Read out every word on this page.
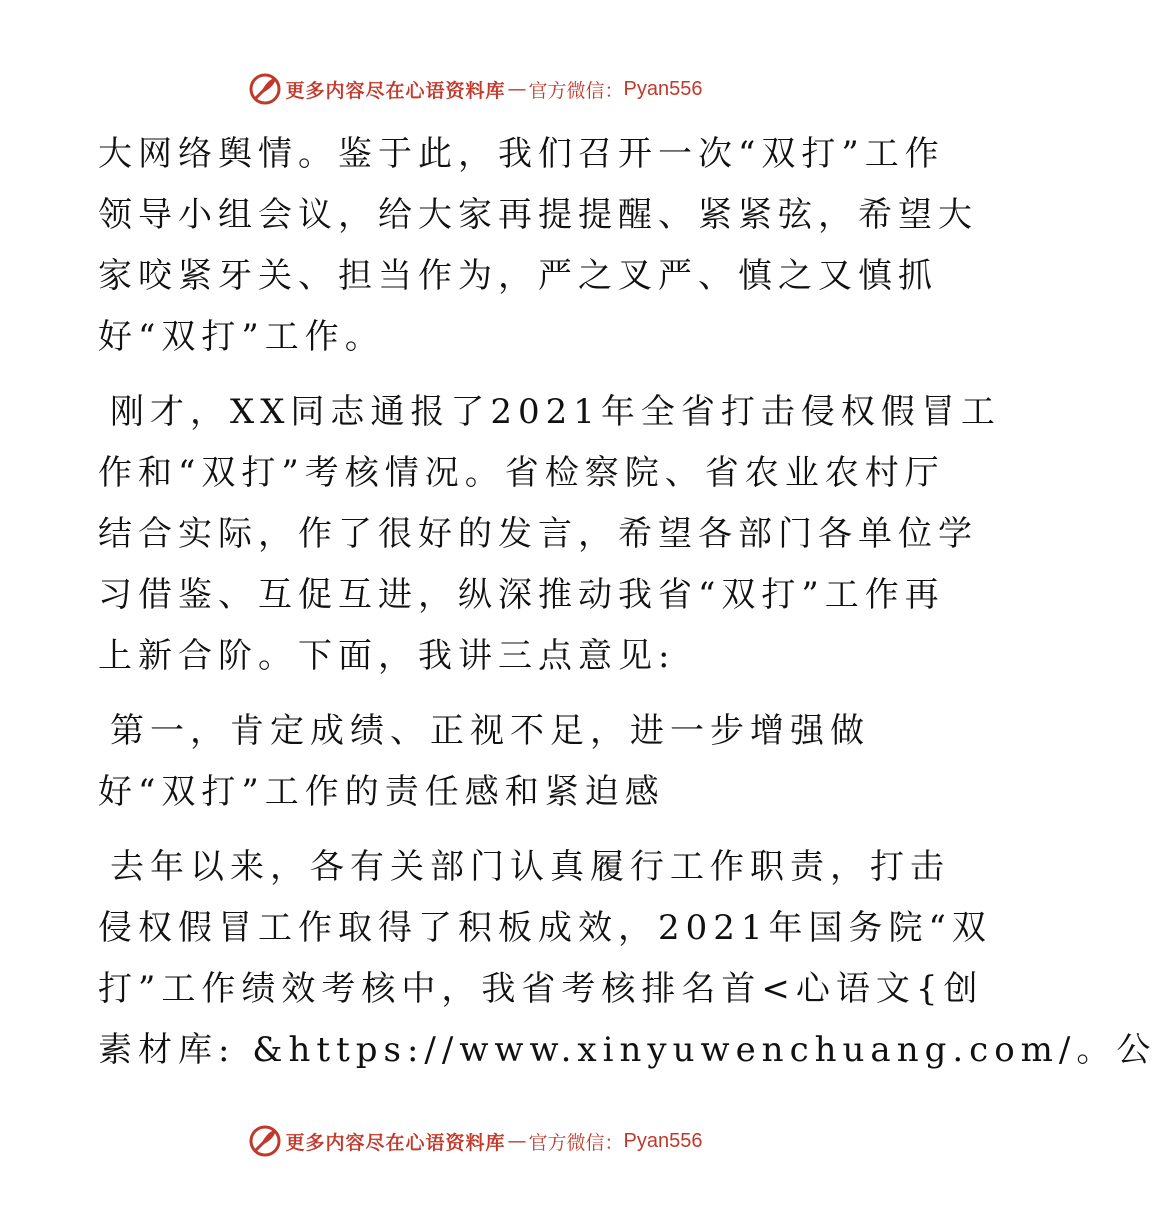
更多内容尽在心语资料库 — 官方微信： Pyan556
大网络舆情。鉴于此，我们召开一次“双打”工作
领导小组会议，给大家再提提醒、紧紧弦，希望大
家咬紧牙关、担当作为，严之叉严、慎之又慎抓
好“双打”工作。
刚才，XX同志通报了2021年全省打击侵权假冒工
作和“双打”考核情况。省检察院、省农业农村厅
结合实际，作了很好的发言，希望各部门各单位学
习借鉴、互促互进，纵深推动我省“双打”工作再
上新合阶。下面，我讲三点意见:
第一，肯定成绩、正视不足，进一步增强做
好“双打”工作的责任感和紧迫感
去年以来，各有关部门认真履行工作职责，打击
侵权假冒工作取得了积板成效，2021年国务院“双
打”工作绩效考核中，我省考核排名首<心语文{创
素材库: &https://www.xinyuwenchuang.com/。公
更多内容尽在心语资料库 — 官方微信： Pyan556
